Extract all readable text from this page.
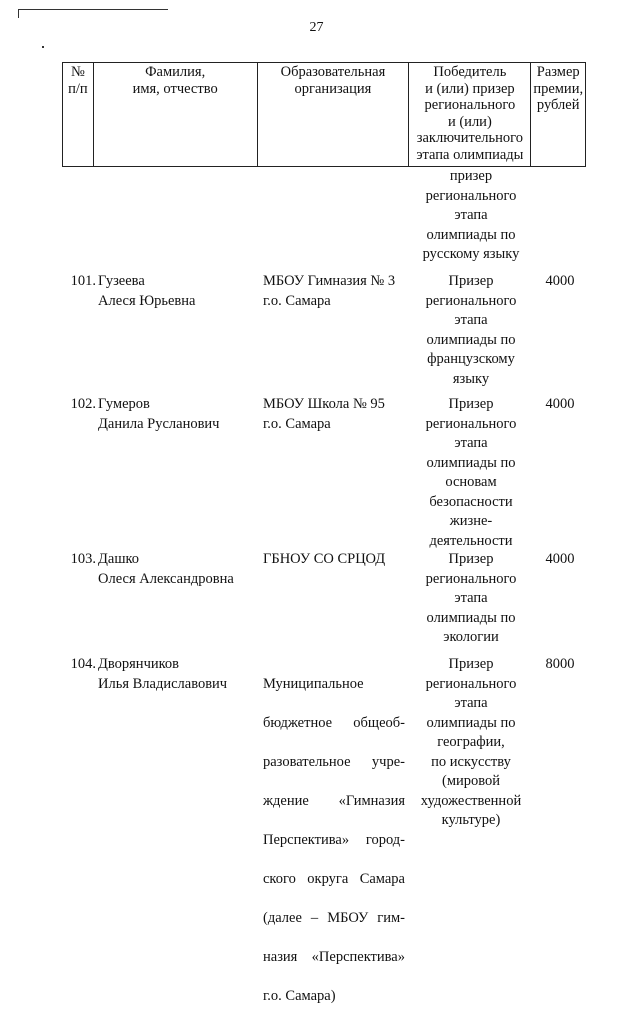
27
№
п/п
Фамилия,
имя, отчество
Образовательная
организация
Победитель
и (или) призер
регионального
и (или)
заключительного
этапа олимпиады
Размер
премии,
рублей
призер
регионального
этапа
олимпиады по
русскому языку
101. Гузеева
Алеся Юрьевна
МБОУ Гимназия № 3
г.о. Самара
Призер
регионального
этапа
олимпиады по
французскому
языку
4000
102. Гумеров
Данила Русланович
МБОУ Школа № 95
г.о. Самара
Призер
регионального
этапа
олимпиады по
основам
безопасности
жизне-
деятельности
4000
103. Дашко
Олеся Александровна
ГБНОУ СО СРЦОД	Призер
регионального
этапа
олимпиады по
экологии
4000
104. Дворянчиков
Илья Владиславович	Муниципальное

бюджетное общеоб-

разовательное учре-

ждение «Гимназия

Перспектива» город-

ского округа Самара

(далее – МБОУ гим-

назия «Перспектива»

г.о. Самара)

Призер
регионального
этапа
олимпиады по
географии,
по искусству
(мировой
художественной
культуре)
8000
